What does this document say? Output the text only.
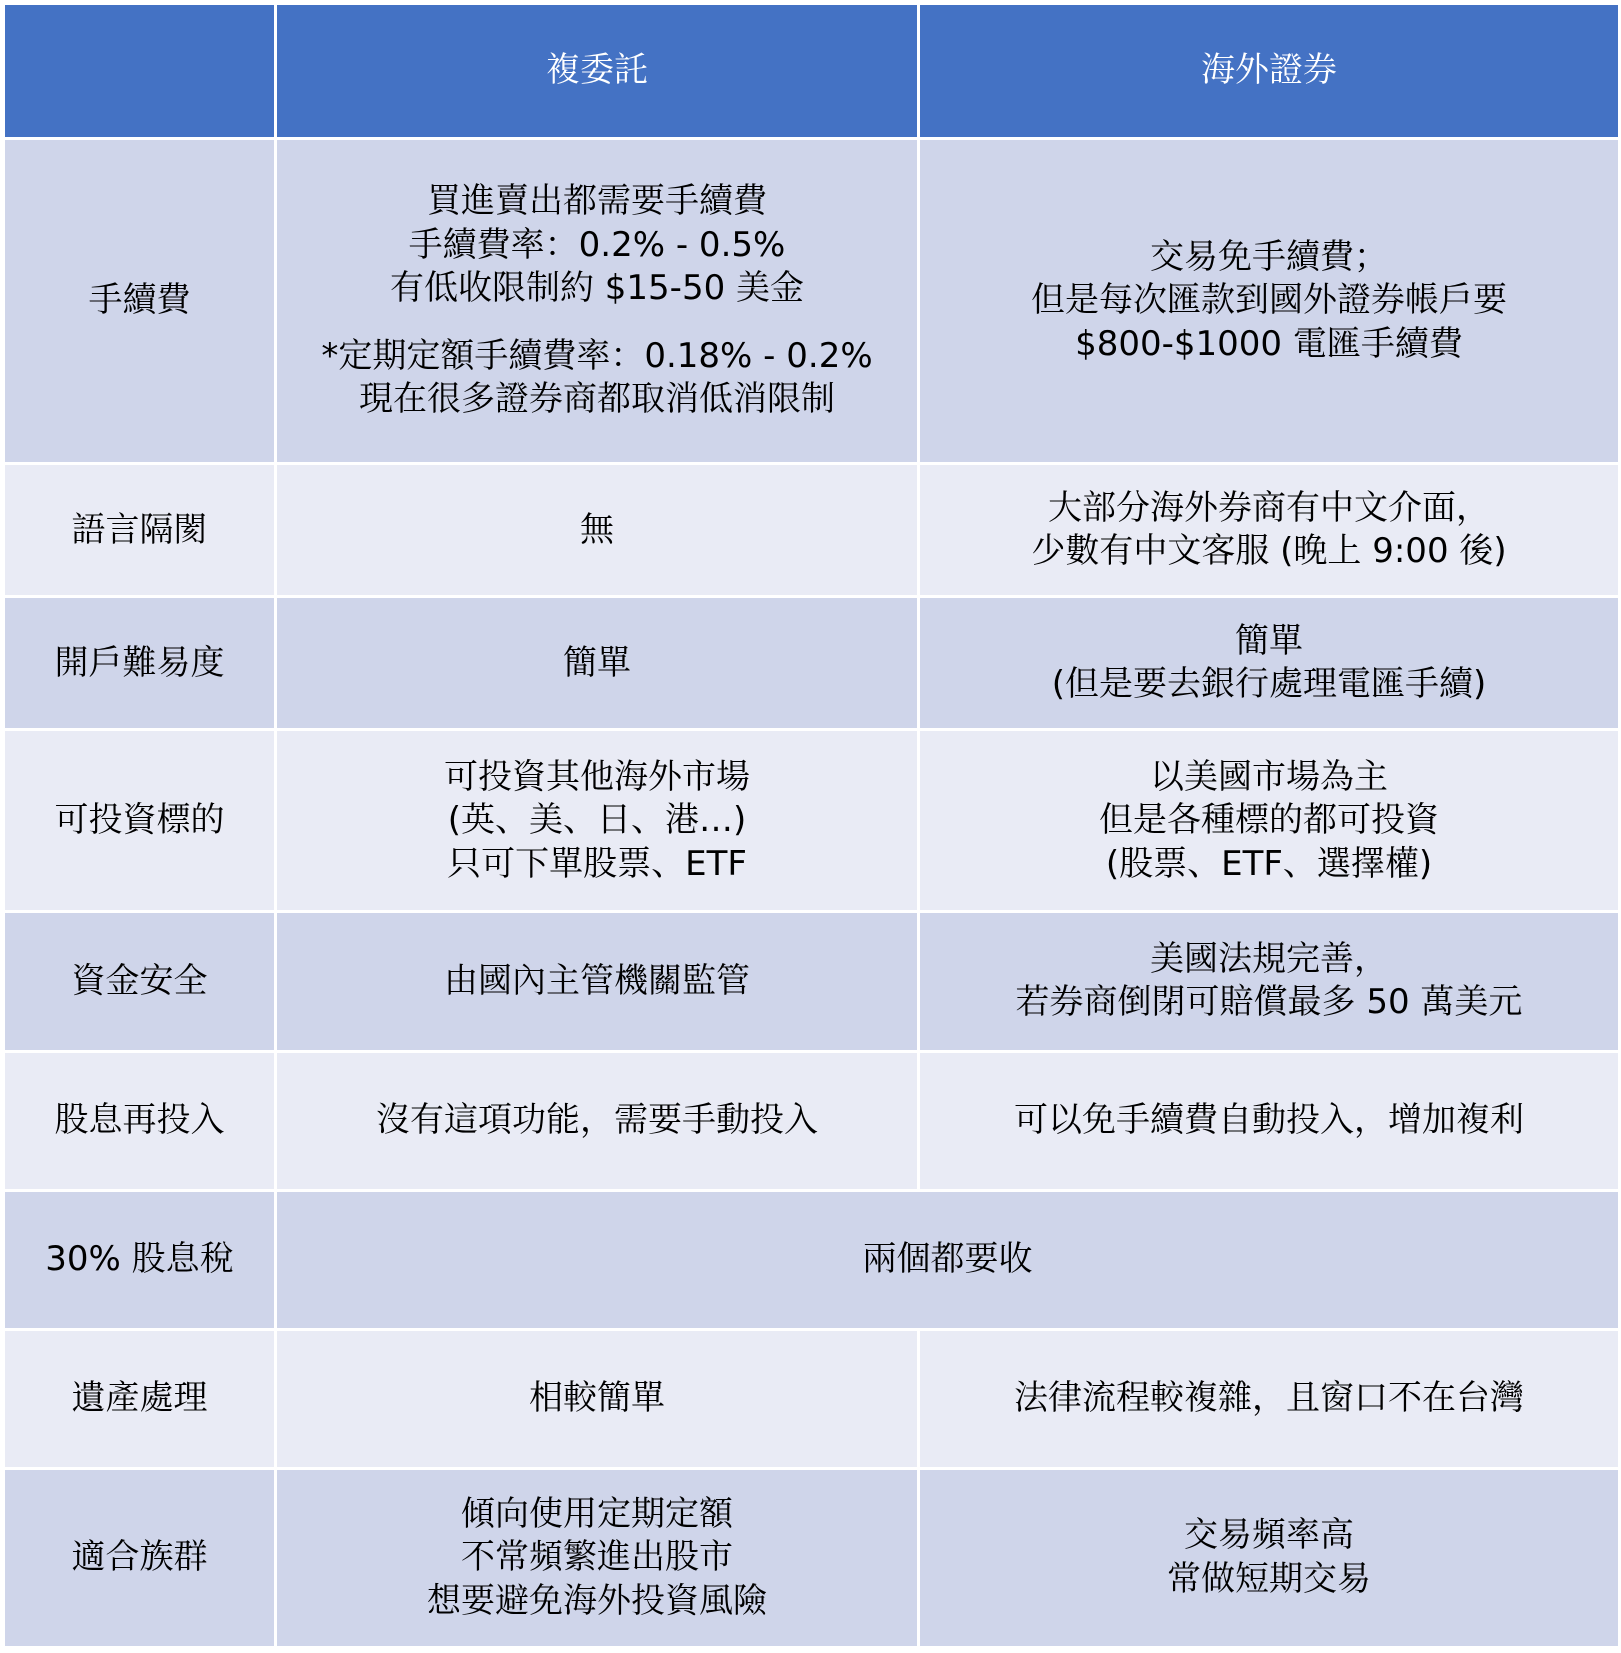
	複委託	海外證券
手續費	買進賣出都需要手續費
手續費率：0.2% - 0.5%
有低收限制約 $15-50 美金
*定期定額手續費率：0.18% - 0.2%
現在很多證券商都取消低消限制	交易免手續費；
但是每次匯款到國外證券帳戶要
$800-$1000 電匯手續費

語言隔閡	無	大部分海外券商有中文介面，
少數有中文客服 (晚上 9:00 後)

開戶難易度	簡單	簡單
(但是要去銀行處理電匯手續)

可投資標的	可投資其他海外市場
(英、美、日、港…)
只可下單股票、ETF	以美國市場為主
但是各種標的都可投資
(股票、ETF、選擇權)

資金安全	由國內主管機關監管	美國法規完善，
若券商倒閉可賠償最多 50 萬美元

股息再投入	沒有這項功能，需要手動投入	可以免手續費自動投入，增加複利

30% 股息稅	兩個都要收	

遺產處理	相較簡單	法律流程較複雜，且窗口不在台灣

適合族群	傾向使用定期定額
不常頻繁進出股市
想要避免海外投資風險	交易頻率高
常做短期交易
